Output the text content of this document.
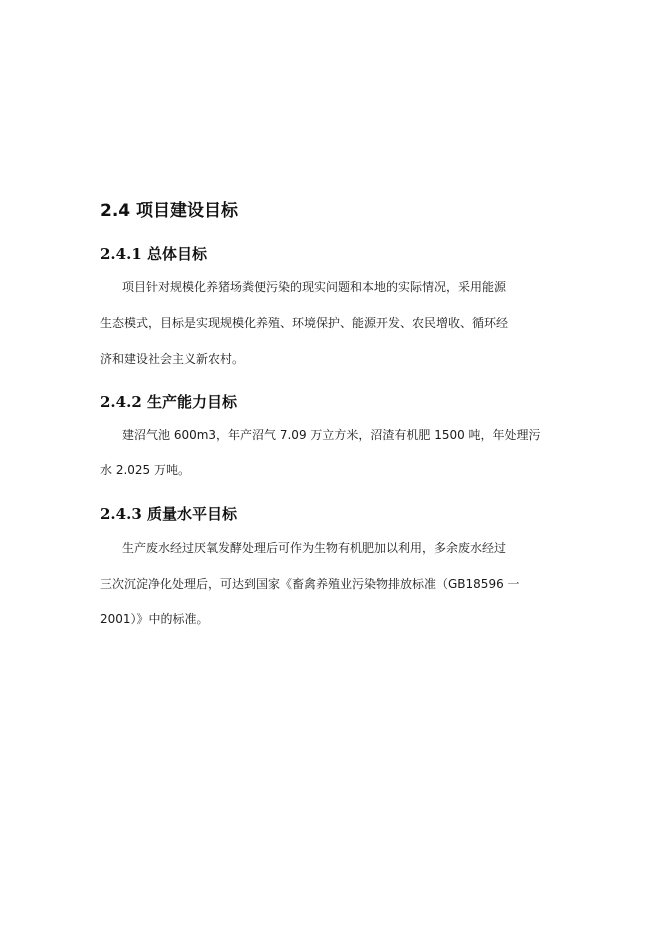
2.4 项目建设目标
2.4.1 总体目标
项目针对规模化养猪场粪便污染的现实问题和本地的实际情况，采用能源
生态模式，目标是实现规模化养殖、环境保护、能源开发、农民增收、循环经
济和建设社会主义新农村。
2.4.2 生产能力目标
建沼气池 600m3，年产沼气 7.09 万立方米，沼渣有机肥 1500 吨，年处理污
水 2.025 万吨。
2.4.3 质量水平目标
生产废水经过厌氧发酵处理后可作为生物有机肥加以利用，多余废水经过
三次沉淀净化处理后，可达到国家《畜禽养殖业污染物排放标准（GB18596 一
2001）》中的标准。
